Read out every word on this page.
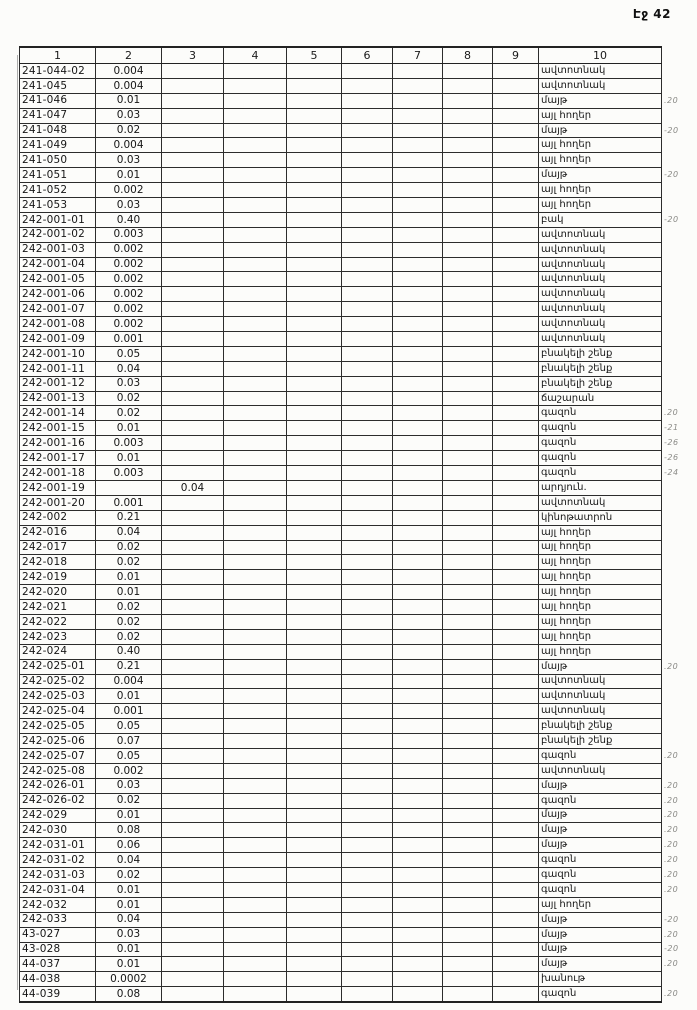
Էջ 42
1	2	3	4	5	6	7	8	9	10	
241-044-02	0.004								ավտոտնակ	
241-045	0.004								ավտոտնակ	
241-046	0.01								մայթ	.20
241-047	0.03								այլ հողեր	
241-048	0.02								մայթ	-20
241-049	0.004								այլ հողեր	
241-050	0.03								այլ հողեր	
241-051	0.01								մայթ	-20
241-052	0.002								այլ հողեր	
241-053	0.03								այլ հողեր	
242-001-01	0.40								բակ	-20
242-001-02	0.003								ավտոտնակ	
242-001-03	0.002								ավտոտնակ	
242-001-04	0.002								ավտոտնակ	
242-001-05	0.002								ավտոտնակ	
242-001-06	0.002								ավտոտնակ	
242-001-07	0.002								ավտոտնակ	
242-001-08	0.002								ավտոտնակ	
242-001-09	0.001								ավտոտնակ	
242-001-10	0.05								բնակելի շենք	
242-001-11	0.04								բնակելի շենք	
242-001-12	0.03								բնակելի շենք	
242-001-13	0.02								ճաշարան	
242-001-14	0.02								գազոն	.20
242-001-15	0.01								գազոն	-21
242-001-16	0.003								գազոն	-26
242-001-17	0.01								գազոն	-26
242-001-18	0.003								գազոն	-24
242-001-19		0.04							արդյուն.	
242-001-20	0.001								ավտոտնակ	
242-002	0.21								կինոթատրոն	
242-016	0.04								այլ հողեր	
242-017	0.02								այլ հողեր	
242-018	0.02								այլ հողեր	
242-019	0.01								այլ հողեր	
242-020	0.01								այլ հողեր	
242-021	0.02								այլ հողեր	
242-022	0.02								այլ հողեր	
242-023	0.02								այլ հողեր	
242-024	0.40								այլ հողեր	
242-025-01	0.21								մայթ	.20
242-025-02	0.004								ավտոտնակ	
242-025-03	0.01								ավտոտնակ	
242-025-04	0.001								ավտոտնակ	
242-025-05	0.05								բնակելի շենք	
242-025-06	0.07								բնակելի շենք	
242-025-07	0.05								գազոն	.20
242-025-08	0.002								ավտոտնակ	
242-026-01	0.03								մայթ	.20
242-026-02	0.02								գազոն	.20
242-029	0.01								մայթ	.20
242-030	0.08								մայթ	.20
242-031-01	0.06								մայթ	.20
242-031-02	0.04								գազոն	.20
242-031-03	0.02								գազոն	.20
242-031-04	0.01								գազոն	.20
242-032	0.01								այլ հողեր	
242-033	0.04								մայթ	-20
43-027	0.03								մայթ	.20
43-028	0.01								մայթ	-20
44-037	0.01								մայթ	.20
44-038	0.0002								խանութ	
44-039	0.08								գազոն	.20
